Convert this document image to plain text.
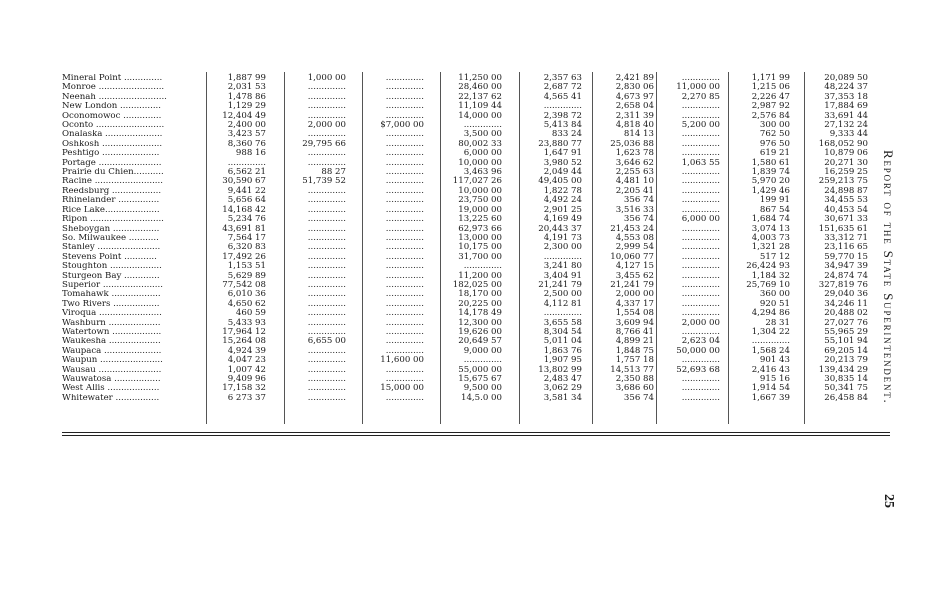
Mineral Point ..............	1,887 99	1,000 00	..............	11,250 00	2,357 63	2,421 89	..............	1,171 99	20,089 50
Monroe ........................	2,031 53	..............	..............	28,460 00	2,687 72	2,830 06	11,000 00	1,215 06	48,224 37
Neenah .........................	1,478 86	..............	..............	22,137 62	4,565 41	4,673 97	2,270 85	2,226 47	37,353 18
New London ...............	1,129 29	..............	..............	11,109 44	..............	2,658 04	..............	2,987 92	17,884 69
Oconomowoc ..............	12,404 49	..............	..............	14,000 00	2,398 72	2,311 39	..............	2,576 84	33,691 44
Oconto .........................	2,400 00	2,000 00	$7,000 00	..............	5,413 84	4,818 40	5,200 00	300 00	27,132 24
Onalaska .....................	3,423 57	..............	..............	3,500 00	833 24	814 13	..............	762 50	9,333 44
Oshkosh ......................	8,360 76	29,795 66	..............	80,002 33	23,880 77	25,036 88	..............	976 50	168,052 90
Peshtigo .....................	988 16	..............	..............	6,000 00	1,647 91	1,623 78	..............	619 21	10,879 06
Portage .......................	..............	..............	..............	10,000 00	3,980 52	3,646 62	1,063 55	1,580 61	20,271 30
Prairie du Chien...........	6,562 21	88 27	..............	3,463 96	2,049 44	2,255 63	..............	1,839 74	16,259 25
Racine .........................	30,590 67	51,739 52	..............	117,027 26	49,405 00	4,481 10	..............	5,970 20	259,213 75
Reedsburg ..................	9,441 22	..............	..............	10,000 00	1,822 78	2,205 41	..............	1,429 46	24,898 87
Rhinelander ...............	5,656 64	..............	..............	23,750 00	4,492 24	356 74	..............	199 91	34,455 53
Rice Lake....................	14,168 42	..............	..............	19,000 00	2,901 25	3,516 33	..............	867 54	40,453 54
Ripon ...........................	5,234 76	..............	..............	13,225 60	4,169 49	356 74	6,000 00	1,684 74	30,671 33
Sheboygan .................	43,691 81	..............	..............	62,973 66	20,443 37	21,453 24	..............	3,074 13	151,635 61
So. Milwaukee ...........	7,564 17	..............	..............	13,000 00	4,191 73	4,553 08	..............	4,003 73	33,312 71
Stanley .......................	6,320 83	..............	..............	10,175 00	2,300 00	2,999 54	..............	1,321 28	23,116 65
Stevens Point ............	17,492 26	..............	..............	31,700 00	..............	10,060 77	..............	517 12	59,770 15
Stoughton ...................	1,153 51	..............	..............	..............	3,241 80	4,127 15	..............	26,424 93	34,947 39
Sturgeon Bay .............	5,629 89	..............	..............	11,200 00	3,404 91	3,455 62	..............	1,184 32	24,874 74
Superior ......................	77,542 08	..............	..............	182,025 00	21,241 79	21,241 79	..............	25,769 10	327,819 76
Tomahawk ..................	6,010 36	..............	..............	18,170 00	2,500 00	2,000 00	..............	360 00	29,040 36
Two Rivers .................	4,650 62	..............	..............	20,225 00	4,112 81	4,337 17	..............	920 51	34,246 11
Viroqua .......................	460 59	..............	..............	14,178 49	..............	1,554 08	..............	4,294 86	20,488 02
Washburn ...................	5,433 93	..............	..............	12,300 00	3,655 58	3,609 94	2,000 00	28 31	27,027 76
Watertown ..................	17,964 12	..............	..............	19,626 00	8,304 54	8,766 41	..............	1,304 22	55,965 29
Waukesha ...................	15,264 08	6,655 00	..............	20,649 57	5,011 04	4,899 21	2,623 04	..............	55,101 94
Waupaca .....................	4,924 39	..............	..............	9,000 00	1,863 76	1,848 75	50,000 00	1,568 24	69,205 14
Waupun .......................	4,047 23	..............	11,600 00	..............	1,907 95	1,757 18	..............	901 43	20,213 79
Wausau .......................	1,007 42	..............	..............	55,000 00	13,802 99	14,513 77	52,693 68	2,416 43	139,434 29
Wauwatosa .................	9,409 96	..............	..............	15,675 67	2,483 47	2,350 88	..............	915 16	30,835 14
West Allis ...................	17,158 32	..............	15,000 00	9,500 00	3,062 29	3,686 60	..............	1,914 54	50,341 75
Whitewater ................	6 273 37	..............	..............	14,5.0 00	3,581 34	356 74	..............	1,667 39	26,458 84 Report of the State Superintendent.
25
